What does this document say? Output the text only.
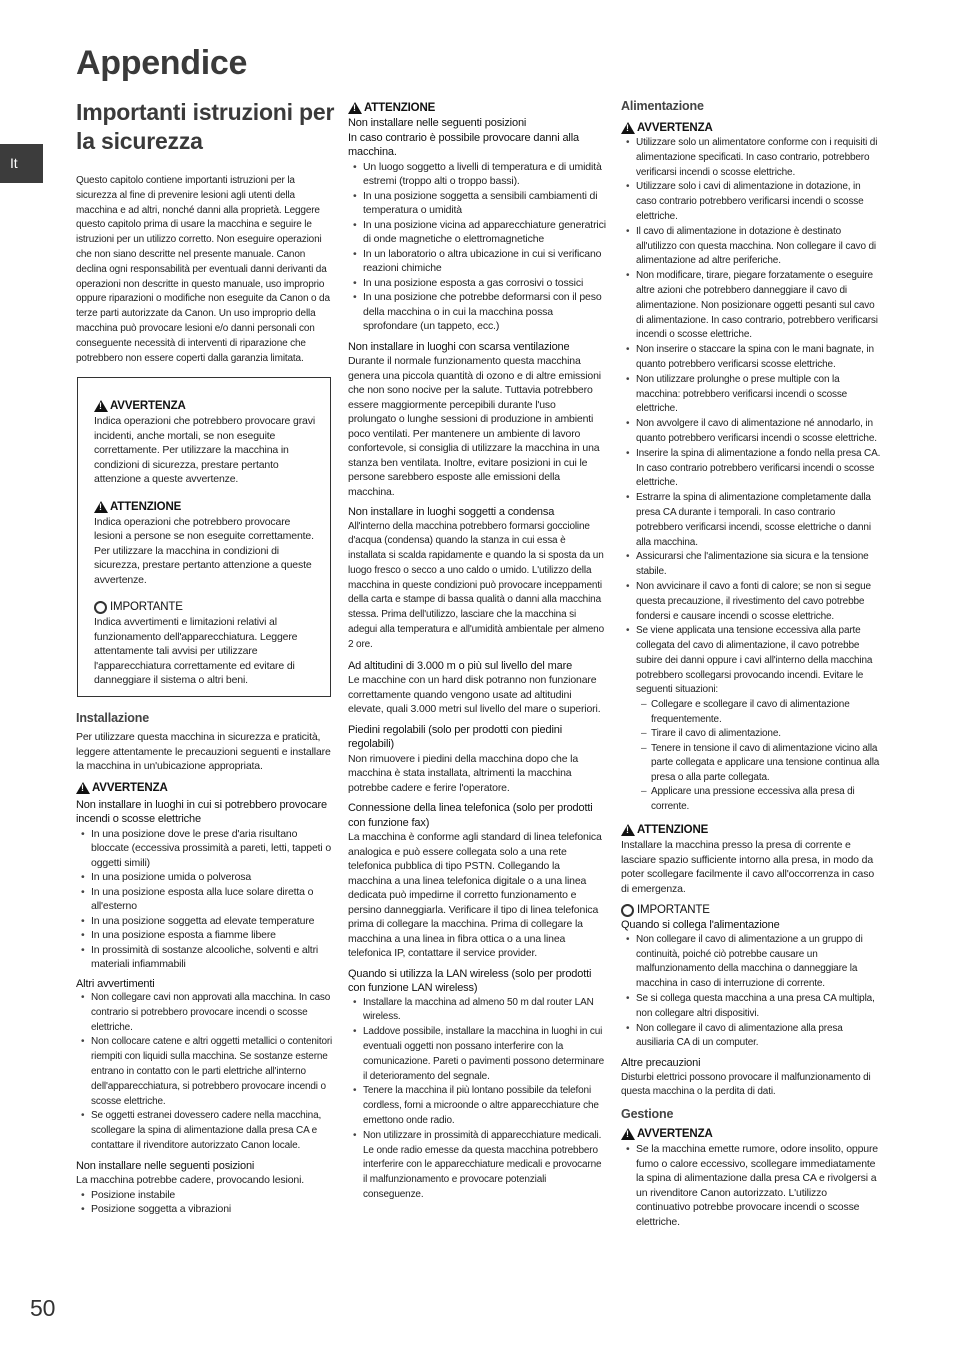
Appendice
Importanti istruzioni per la sicurezza
It

Questo capitolo contiene importanti istruzioni per la sicurezza al fine di prevenire lesioni agli utenti della macchina e ad altri, nonché danni alla proprietà. Leggere questo capitolo prima di usare la macchina e seguire le istruzioni per un utilizzo corretto. Non eseguire operazioni che non siano descritte nel presente manuale. Canon declina ogni responsabilità per eventuali danni derivanti da operazioni non descritte in questo manuale, uso improprio oppure riparazioni o modifiche non eseguite da Canon o da terze parti autorizzate da Canon. Un uso improprio della macchina può provocare lesioni e/o danni personali con conseguente necessità di interventi di riparazione che potrebbero non essere coperti dalla garanzia limitata.

!
AVVERTENZA

Indica operazioni che potrebbero provocare gravi incidenti, anche mortali, se non eseguite correttamente. Per utilizzare la macchina in condizioni di sicurezza, prestare pertanto attenzione a queste avvertenze.

!
ATTENZIONE

Indica operazioni che potrebbero provocare lesioni a persone se non eseguite correttamente. Per utilizzare la macchina in condizioni di sicurezza, prestare pertanto attenzione a queste avvertenze.

IMPORTANTE

Indica avvertimenti e limitazioni relativi al funzionamento dell'apparecchiatura. Leggere attentamente tali avvisi per utilizzare l'apparecchiatura correttamente ed evitare di danneggiare il sistema o altri beni.

Installazione

Per utilizzare questa macchina in sicurezza e praticità, leggere attentamente le precauzioni seguenti e installare la macchina in un'ubicazione appropriata.

!
AVVERTENZA

Non installare in luoghi in cui si potrebbero provocare incendi o scosse elettriche

• In una posizione dove le prese d'aria risultano bloccate (eccessiva prossimità a pareti, letti, tappeti o oggetti simili)
• In una posizione umida o polverosa
• In una posizione esposta alla luce solare diretta o all'esterno
• In una posizione soggetta ad elevate temperature
• In una posizione esposta a fiamme libere
• In prossimità di sostanze alcooliche, solventi e altri materiali infiammabili

Altri avvertimenti

• Non collegare cavi non approvati alla macchina. In caso contrario si potrebbero provocare incendi o scosse elettriche.
• Non collocare catene e altri oggetti metallici o contenitori riempiti con liquidi sulla macchina. Se sostanze esterne entrano in contatto con le parti elettriche all'interno dell'apparecchiatura, si potrebbero provocare incendi o scosse elettriche.
• Se oggetti estranei dovessero cadere nella macchina, scollegare la spina di alimentazione dalla presa CA e contattare il rivenditore autorizzato Canon locale.

Non installare nelle seguenti posizioni

La macchina potrebbe cadere, provocando lesioni.

• Posizione instabile
• Posizione soggetta a vibrazioni
!
ATTENZIONE

Non installare nelle seguenti posizioni

In caso contrario è possibile provocare danni alla macchina.

• Un luogo soggetto a livelli di temperatura e di umidità estremi (troppo alti o troppo bassi).
• In una posizione soggetta a sensibili cambiamenti di temperatura o umidità
• In una posizione vicina ad apparecchiature generatrici di onde magnetiche o elettromagnetiche
• In un laboratorio o altra ubicazione in cui si verificano reazioni chimiche
• In una posizione esposta a gas corrosivi o tossici
• In una posizione che potrebbe deformarsi con il peso della macchina o in cui la macchina possa sprofondare (un tappeto, ecc.)

Non installare in luoghi con scarsa ventilazione

Durante il normale funzionamento questa macchina genera una piccola quantità di ozono e di altre emissioni che non sono nocive per la salute. Tuttavia potrebbero essere maggiormente percepibili durante l'uso prolungato o lunghe sessioni di produzione in ambienti poco ventilati. Per mantenere un ambiente di lavoro confortevole, si consiglia di utilizzare la macchina in una stanza ben ventilata. Inoltre, evitare posizioni in cui le persone sarebbero esposte alle emissioni della macchina.

Non installare in luoghi soggetti a condensa

All'interno della macchina potrebbero formarsi goccioline d'acqua (condensa) quando la stanza in cui essa è installata si scalda rapidamente e quando la si sposta da un luogo fresco o secco a uno caldo o umido. L'utilizzo della macchina in queste condizioni può provocare inceppamenti della carta e stampe di bassa qualità o danni alla macchina stessa. Prima dell'utilizzo, lasciare che la macchina si adegui alla temperatura e all'umidità ambientale per almeno 2 ore.

Ad altitudini di 3.000 m o più sul livello del mare

Le macchine con un hard disk potranno non funzionare correttamente quando vengono usate ad altitudini elevate, quali 3.000 metri sul livello del mare o superiori.

Piedini regolabili (solo per prodotti con piedini regolabili)

Non rimuovere i piedini della macchina dopo che la macchina è stata installata, altrimenti la macchina potrebbe cadere e ferire l'operatore.

Connessione della linea telefonica (solo per prodotti con funzione fax)

La macchina è conforme agli standard di linea telefonica analogica e può essere collegata solo a una rete telefonica pubblica di tipo PSTN. Collegando la macchina a una linea telefonica digitale o a una linea dedicata può impedirne il corretto funzionamento e persino danneggiarla. Verificare il tipo di linea telefonica prima di collegare la macchina. Prima di collegare la macchina a una linea in fibra ottica o a una linea telefonica IP, contattare il service provider.

Quando si utilizza la LAN wireless (solo per prodotti con funzione LAN wireless)

• Installare la macchina ad almeno 50 m dal router LAN wireless.
• Laddove possibile, installare la macchina in luoghi in cui eventuali oggetti non possano interferire con la comunicazione. Pareti o pavimenti possono determinare il deterioramento del segnale.
• Tenere la macchina il più lontano possibile da telefoni cordless, forni a microonde o altre apparecchiature che emettono onde radio.
• Non utilizzare in prossimità di apparecchiature medicali. Le onde radio emesse da questa macchina potrebbero interferire con le apparecchiature medicali e provocarne il malfunzionamento e provocare potenziali conseguenze.
Alimentazione
!
AVVERTENZA
• Utilizzare solo un alimentatore conforme con i requisiti di alimentazione specificati. In caso contrario, potrebbero verificarsi incendi o scosse elettriche.
• Utilizzare solo i cavi di alimentazione in dotazione, in caso contrario potrebbero verificarsi incendi o scosse elettriche.
• Il cavo di alimentazione in dotazione è destinato all'utilizzo con questa macchina. Non collegare il cavo di alimentazione ad altre periferiche.
• Non modificare, tirare, piegare forzatamente o eseguire altre azioni che potrebbero danneggiare il cavo di alimentazione. Non posizionare oggetti pesanti sul cavo di alimentazione. In caso contrario, potrebbero verificarsi incendi o scosse elettriche.
• Non inserire o staccare la spina con le mani bagnate, in quanto potrebbero verificarsi scosse elettriche.
• Non utilizzare prolunghe o prese multiple con la macchina: potrebbero verificarsi incendi o scosse elettriche.
• Non avvolgere il cavo di alimentazione né annodarlo, in quanto potrebbero verificarsi incendi o scosse elettriche.
• Inserire la spina di alimentazione a fondo nella presa CA. In caso contrario potrebbero verificarsi incendi o scosse elettriche.
• Estrarre la spina di alimentazione completamente dalla presa CA durante i temporali. In caso contrario potrebbero verificarsi incendi, scosse elettriche o danni alla macchina.
• Assicurarsi che l'alimentazione sia sicura e la tensione stabile.
• Non avvicinare il cavo a fonti di calore; se non si segue questa precauzione, il rivestimento del cavo potrebbe fondersi e causare incendi o scosse elettriche.
• Se viene applicata una tensione eccessiva alla parte collegata del cavo di alimentazione, il cavo potrebbe subire dei danni oppure i cavi all'interno della macchina potrebbero scollegarsi provocando incendi. Evitare le seguenti situazioni:
– Collegare e scollegare il cavo di alimentazione frequentemente.
– Tirare il cavo di alimentazione.
– Tenere in tensione il cavo di alimentazione vicino alla parte collegata e applicare una tensione continua alla presa o alla parte collegata.
– Applicare una pressione eccessiva alla presa di corrente.
!
ATTENZIONE

Installare la macchina presso la presa di corrente e lasciare spazio sufficiente intorno alla presa, in modo da poter scollegare facilmente il cavo all'occorrenza in caso di emergenza.

IMPORTANTE

Quando si collega l'alimentazione

• Non collegare il cavo di alimentazione a un gruppo di continuità, poiché ciò potrebbe causare un malfunzionamento della macchina o danneggiare la macchina in caso di interruzione di corrente.
• Se si collega questa macchina a una presa CA multipla, non collegare altri dispositivi.
• Non collegare il cavo di alimentazione alla presa ausiliaria CA di un computer.

Altre precauzioni

Disturbi elettrici possono provocare il malfunzionamento di questa macchina o la perdita di dati.

Gestione
!
AVVERTENZA
• Se la macchina emette rumore, odore insolito, oppure fumo o calore eccessivo, scollegare immediatamente la spina di alimentazione dalla presa CA e rivolgersi a un rivenditore Canon autorizzato. L'utilizzo continuativo potrebbe provocare incendi o scosse elettriche.
50
